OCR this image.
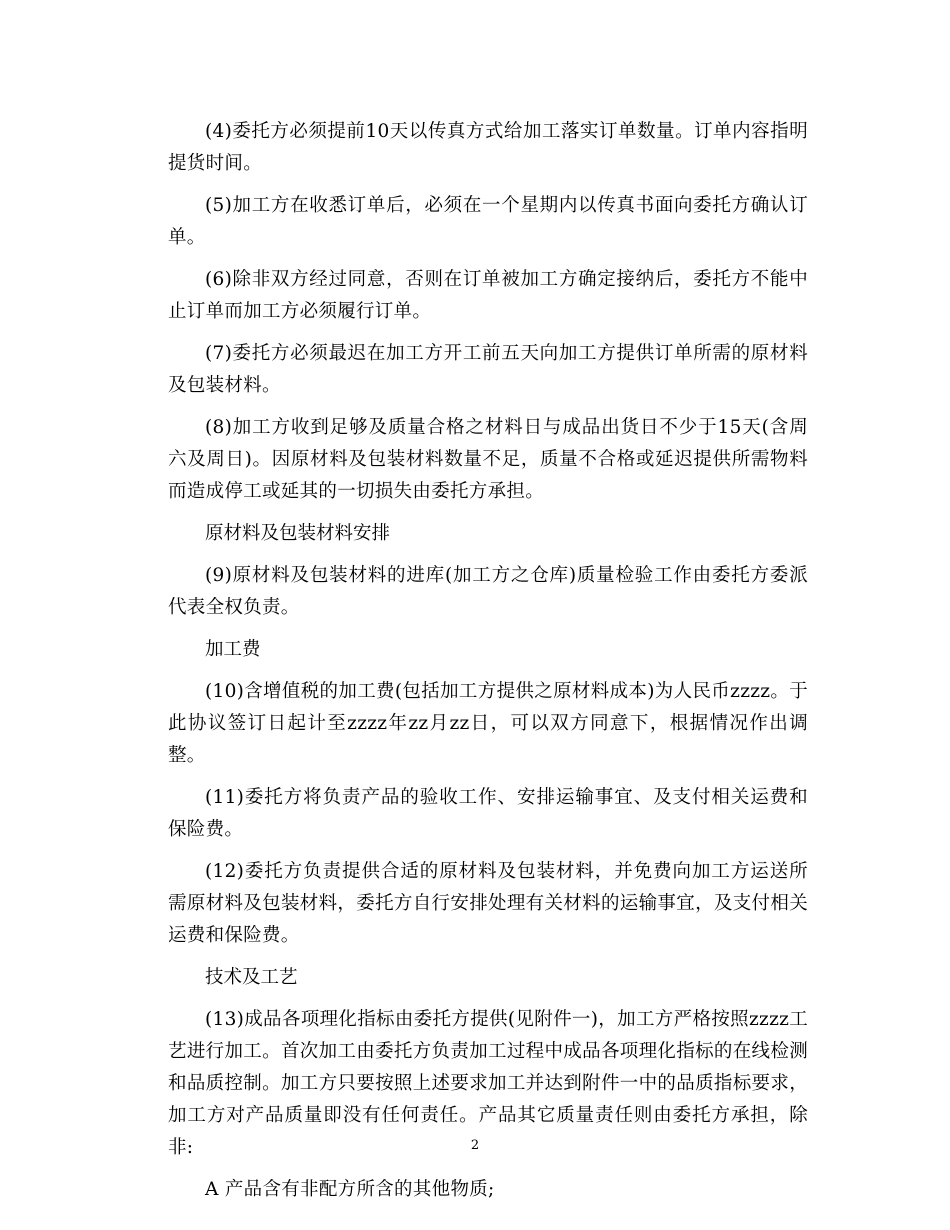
(4)委托方必须提前10天以传真方式给加工落实订单数量。订单内容指明提货时间。

(5)加工方在收悉订单后，必须在一个星期内以传真书面向委托方确认订单。

(6)除非双方经过同意，否则在订单被加工方确定接纳后，委托方不能中止订单而加工方必须履行订单。

(7)委托方必须最迟在加工方开工前五天向加工方提供订单所需的原材料及包装材料。

(8)加工方收到足够及质量合格之材料日与成品出货日不少于15天(含周六及周日)。因原材料及包装材料数量不足，质量不合格或延迟提供所需物料而造成停工或延其的一切损失由委托方承担。

原材料及包装材料安排

(9)原材料及包装材料的进库(加工方之仓库)质量检验工作由委托方委派代表全权负责。

加工费

(10)含增值税的加工费(包括加工方提供之原材料成本)为人民币zzzz。于此协议签订日起计至zzzz年zz月zz日，可以双方同意下，根据情况作出调整。

(11)委托方将负责产品的验收工作、安排运输事宜、及支付相关运费和保险费。

(12)委托方负责提供合适的原材料及包装材料，并免费向加工方运送所需原材料及包装材料，委托方自行安排处理有关材料的运输事宜，及支付相关运费和保险费。

技术及工艺

(13)成品各项理化指标由委托方提供(见附件一)，加工方严格按照zzzz工艺进行加工。首次加工由委托方负责加工过程中成品各项理化指标的在线检测和品质控制。加工方只要按照上述要求加工并达到附件一中的品质指标要求，加工方对产品质量即没有任何责任。产品其它质量责任则由委托方承担，除非:

A 产品含有非配方所含的其他物质;

2
